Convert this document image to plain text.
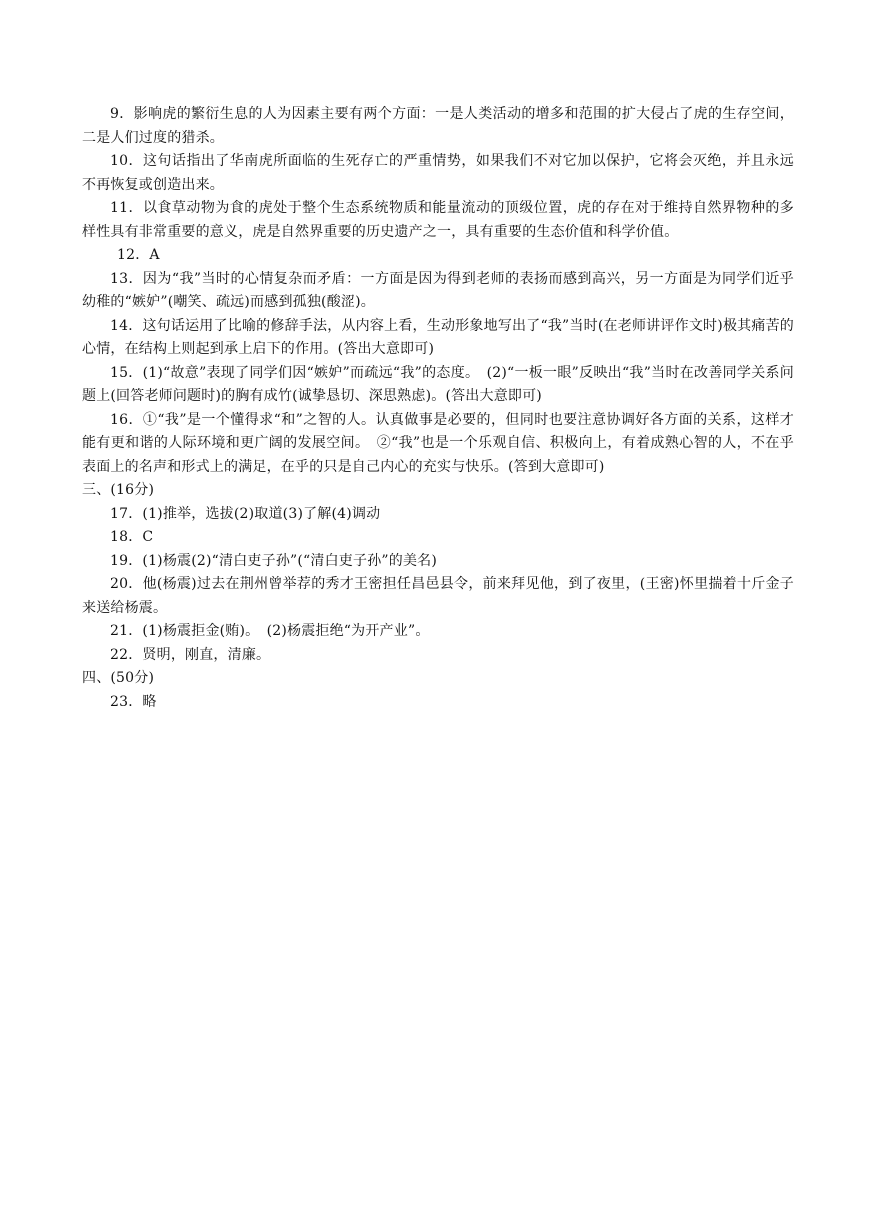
9．影响虎的繁衍生息的人为因素主要有两个方面：一是人类活动的增多和范围的扩大侵占了虎的生存空间，二是人们过度的猎杀。

10．这句话指出了华南虎所面临的生死存亡的严重情势，如果我们不对它加以保护，它将会灭绝，并且永远不再恢复或创造出来。

11．以食草动物为食的虎处于整个生态系统物质和能量流动的顶级位置，虎的存在对于维持自然界物种的多样性具有非常重要的意义，虎是自然界重要的历史遗产之一，具有重要的生态价值和科学价值。

12．A

13．因为“我”当时的心情复杂而矛盾：一方面是因为得到老师的表扬而感到高兴，另一方面是为同学们近乎幼稚的“嫉妒”(嘲笑、疏远)而感到孤独(酸涩)。

14．这句话运用了比喻的修辞手法，从内容上看，生动形象地写出了“我”当时(在老师讲评作文时)极其痛苦的心情，在结构上则起到承上启下的作用。(答出大意即可)

15．(1)“故意”表现了同学们因“嫉妒”而疏远“我”的态度。　(2)“一板一眼”反映出“我”当时在改善同学关系问题上(回答老师问题时)的胸有成竹(诚挚恳切、深思熟虑)。(答出大意即可)

16．①“我”是一个懂得求“和”之智的人。认真做事是必要的，但同时也要注意协调好各方面的关系，这样才能有更和谐的人际环境和更广阔的发展空间。　②“我”也是一个乐观自信、积极向上，有着成熟心智的人，不在乎表面上的名声和形式上的满足，在乎的只是自己内心的充实与快乐。(答到大意即可)

三、(16分)

17．(1)推举，选拔(2)取道(3)了解(4)调动

18．C

19．(1)杨震(2)“清白吏子孙”(“清白吏子孙”的美名)

20．他(杨震)过去在荆州曾举荐的秀才王密担任昌邑县令，前来拜见他，到了夜里，(王密)怀里揣着十斤金子来送给杨震。

21．(1)杨震拒金(贿)。　(2)杨震拒绝“为开产业”。

22．贤明，刚直，清廉。

四、(50分)

23．略
